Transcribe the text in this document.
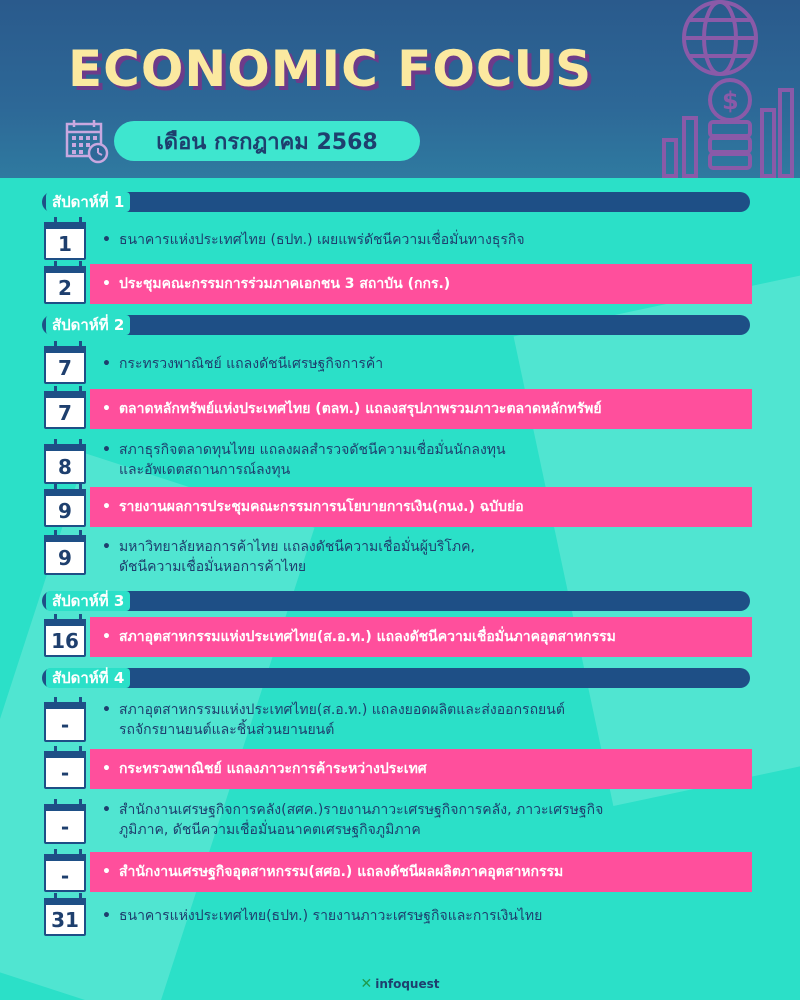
$
ECONOMIC FOCUS
เดือน กรกฎาคม 2568
สัปดาห์ที่ 1
1 • ธนาคารแห่งประเทศไทย (ธปท.) เผยแพร่ดัชนีความเชื่อมั่นทางธุรกิจ
2 • ประชุมคณะกรรมการร่วมภาคเอกชน 3 สถาบัน (กกร.)
สัปดาห์ที่ 2
7 • กระทรวงพาณิชย์ แถลงดัชนีเศรษฐกิจการค้า
7 • ตลาดหลักทรัพย์แห่งประเทศไทย (ตลท.) แถลงสรุปภาพรวมภาวะตลาดหลักทรัพย์
8
• สภาธุรกิจตลาดทุนไทย แถลงผลสำรวจดัชนีความเชื่อมั่นนักลงทุน
และอัพเดตสถานการณ์ลงทุน
9 • รายงานผลการประชุมคณะกรรมการนโยบายการเงิน(กนง.) ฉบับย่อ
9 • มหาวิทยาลัยหอการค้าไทย แถลงดัชนีความเชื่อมั่นผู้บริโภค,
ดัชนีความเชื่อมั่นหอการค้าไทย
สัปดาห์ที่ 3
16 • สภาอุตสาหกรรมแห่งประเทศไทย(ส.อ.ท.) แถลงดัชนีความเชื่อมั่นภาคอุตสาหกรรม
สัปดาห์ที่ 4
-
• สภาอุตสาหกรรมแห่งประเทศไทย(ส.อ.ท.) แถลงยอดผลิตและส่งออกรถยนต์
รถจักรยานยนต์และชิ้นส่วนยานยนต์
- • กระทรวงพาณิชย์ แถลงภาวะการค้าระหว่างประเทศ
-
• สำนักงานเศรษฐกิจการคลัง(สศค.)รายงานภาวะเศรษฐกิจการคลัง, ภาวะเศรษฐกิจ
ภูมิภาค, ดัชนีความเชื่อมั่นอนาคตเศรษฐกิจภูมิภาค
- • สำนักงานเศรษฐกิจอุตสาหกรรม(สศอ.) แถลงดัชนีผลผลิตภาคอุตสาหกรรม
31 • ธนาคารแห่งประเทศไทย(ธปท.) รายงานภาวะเศรษฐกิจและการเงินไทย
✕ infoquest
